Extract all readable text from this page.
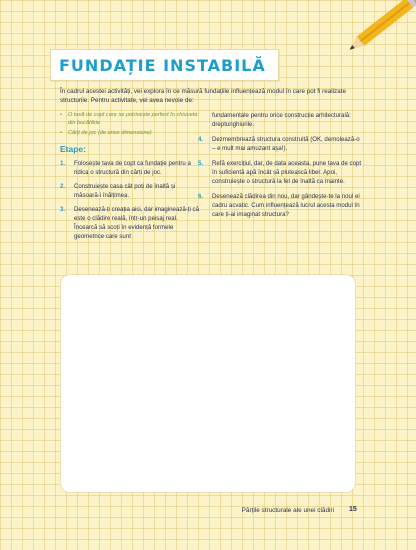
FUNDAȚIE INSTABILĂ
În cadrul acestei activități, vei explora în ce măsură fundațiile influențează modul în care pot fi realizate structurile. Pentru activitate, vei avea nevoie de:
•	O tavă de copt care se potrivește perfect în chiuveta din bucătărie
•	Cărți de joc (de orice dimensiune)
Etape:
1.	Folosește tava de copt ca fundație pentru a ridica o structură din cărți de joc.
2.	Construiește casa cât poți de înaltă și măsoară-i înălțimea.
3.	Desenează-ți creația aici, dar imaginează-ți că este o clădire reală, într-un peisaj real. Încearcă să scoți în evidență formele geometrice care sunt
fundamentale pentru orice construcție arhitecturală: dreptunghiurile.
4.	Dezmembrează structura construită (OK, demolează-o – e mult mai amuzant așa!).
5.	Refă exercițiul, dar, de data aceasta, pune tava de copt în suficientă apă încât să plutească liber. Apoi, construiește o structură la fel de înaltă ca înainte.
6.	Desenează clădirea din nou, dar gândește-te la noul ei cadru acvatic. Cum influențează lucrul acesta modul în care ți-ai imaginat structura?
Părțile structurale ale unei clădiri 15
